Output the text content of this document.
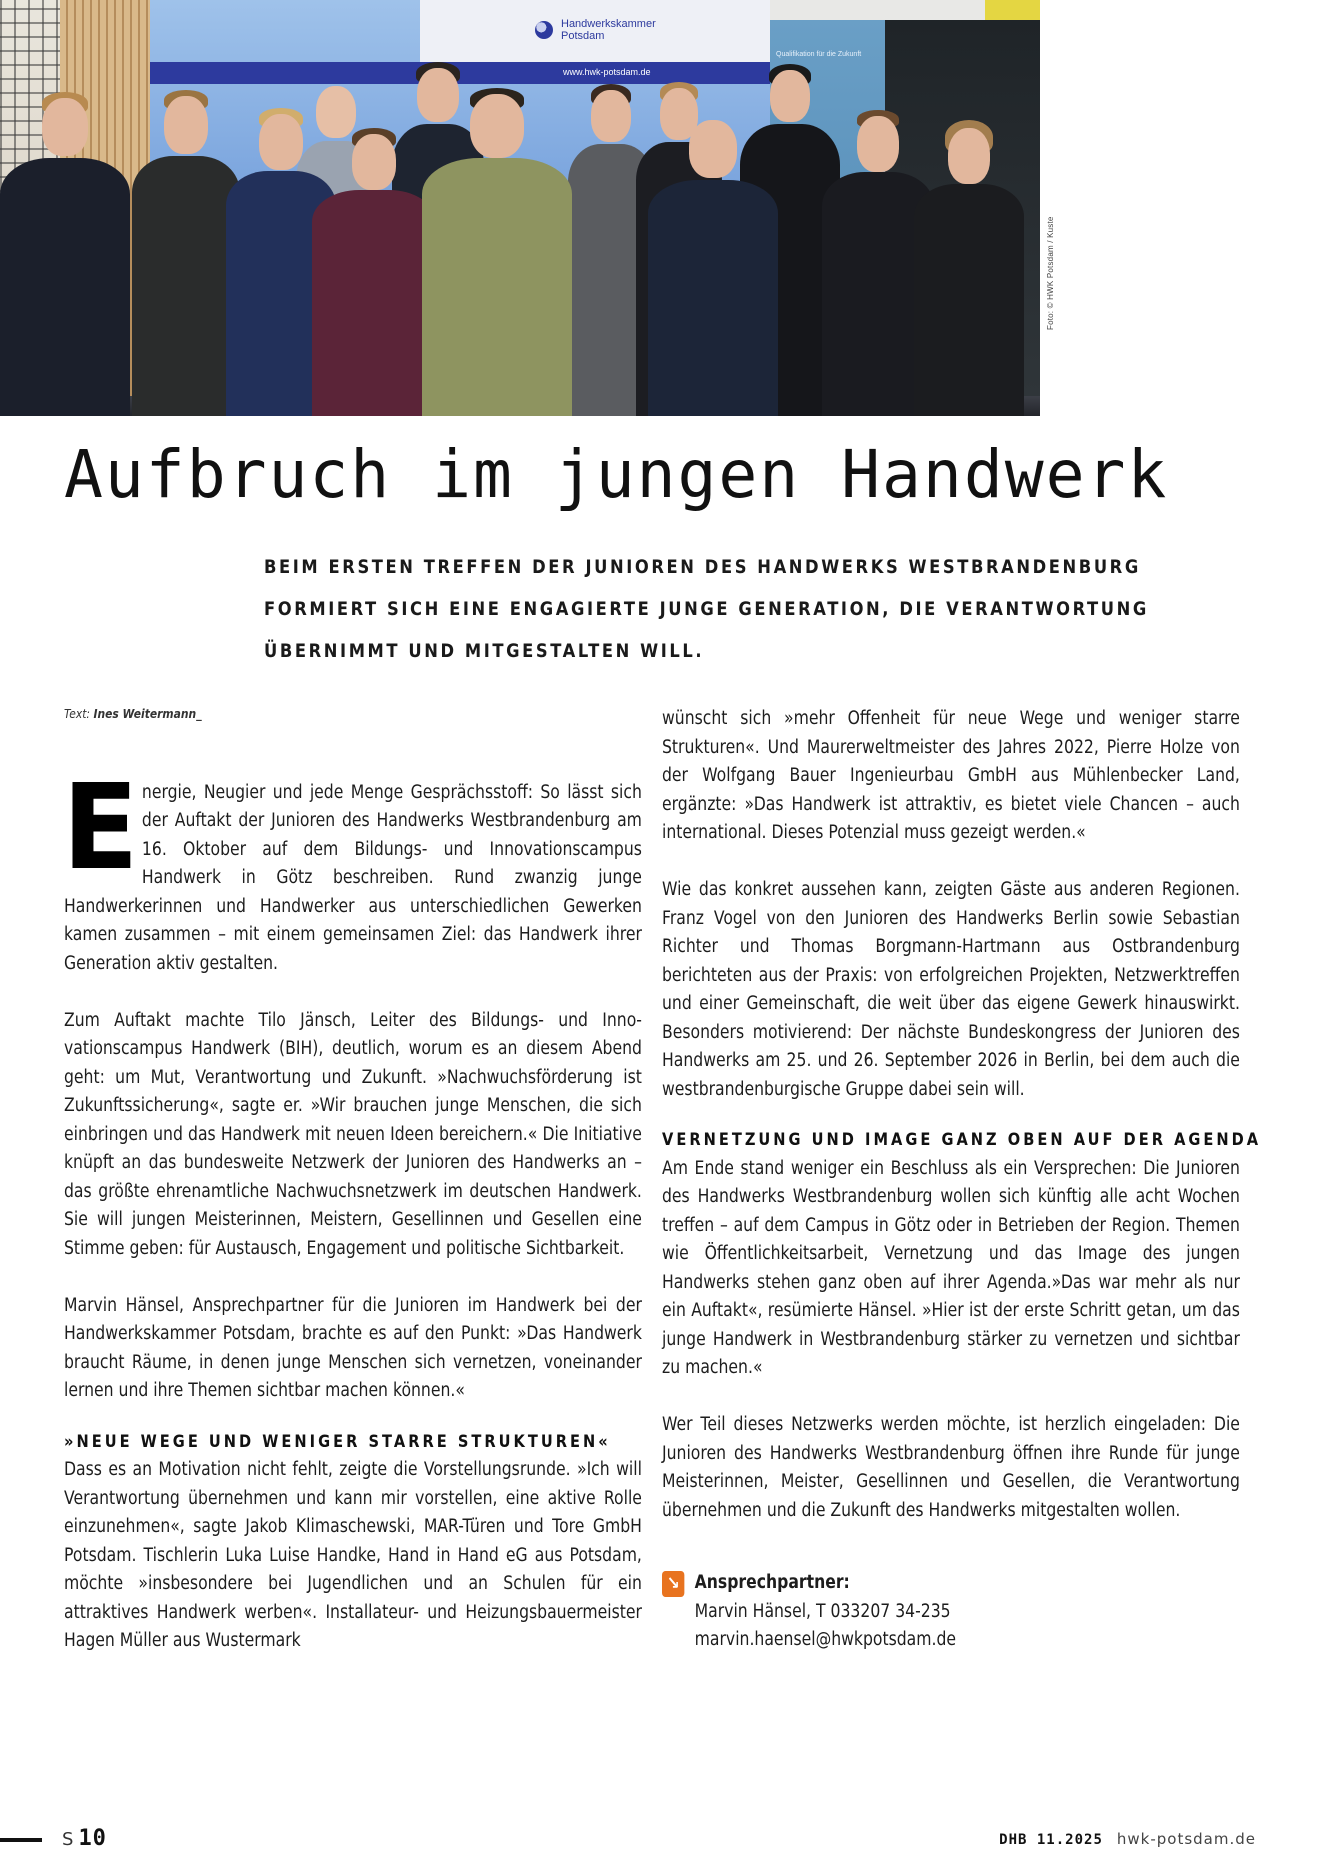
Handwerkskammer
Potsdam
www.hwk-potsdam.de
Qualifikation für die Zukunft
Foto: © HWK Potsdam / Kuste
Aufbruch im jungen Handwerk
BEIM ERSTEN TREFFEN DER JUNIOREN DES HANDWERKS WESTBRANDENBURG
FORMIERT SICH EINE ENGAGIERTE JUNGE GENERATION, DIE VERANTWORTUNG
ÜBERNIMMT UND MITGESTALTEN WILL.
Text: Ines Weitermann_

Energie, Neugier und jede Menge Gesprächsstoff: So lässt sich der Auftakt der Junioren des Handwerks Westbrandenburg am 16. Oktober auf dem Bildungs- und Innovationscampus Handwerk in Götz beschreiben. Rund zwanzig junge Handwerkerinnen und Handwerker aus unterschiedlichen Gewerken kamen zusammen – mit einem gemeinsamen Ziel: das Handwerk ihrer Generation aktiv gestalten.

Zum Auftakt machte Tilo Jänsch, Leiter des Bildungs- und Innovationscampus Handwerk (BIH), deutlich, worum es an diesem Abend geht: um Mut, Verantwortung und Zukunft. »Nachwuchsförderung ist Zukunftssicherung«, sagte er. »Wir brauchen junge Menschen, die sich einbringen und das Handwerk mit neuen Ideen bereichern.« Die Initiative knüpft an das bundesweite Netzwerk der Junioren des Handwerks an – das größte ehrenamtliche Nachwuchsnetzwerk im deutschen Handwerk. Sie will jungen Meisterinnen, Meistern, Gesellinnen und Gesellen eine Stimme geben: für Austausch, Engagement und politische Sichtbarkeit.

Marvin Hänsel, Ansprechpartner für die Junioren im Handwerk bei der Handwerkskammer Potsdam, brachte es auf den Punkt: »Das Handwerk braucht Räume, in denen junge Menschen sich vernetzen, voneinander lernen und ihre Themen sichtbar machen können.«

»NEUE WEGE UND WENIGER STARRE STRUKTUREN«

Dass es an Motivation nicht fehlt, zeigte die Vorstellungsrunde. »Ich will Verantwortung übernehmen und kann mir vorstellen, eine aktive Rolle einzunehmen«, sagte Jakob Klimaschewski, MAR-Türen und Tore GmbH Potsdam. Tischlerin Luka Luise Handke, Hand in Hand eG aus Potsdam, möchte »insbesondere bei Jugendlichen und an Schulen für ein attraktives Handwerk werben«. Installateur- und Heizungsbauermeister Hagen Müller aus Wustermark

wünscht sich »mehr Offenheit für neue Wege und weniger starre Strukturen«. Und Maurerweltmeister des Jahres 2022, Pierre Holze von der Wolfgang Bauer Ingenieurbau GmbH aus Mühlenbecker Land, ergänzte: »Das Handwerk ist attraktiv, es bietet viele Chancen – auch international. Dieses Potenzial muss gezeigt werden.«

Wie das konkret aussehen kann, zeigten Gäste aus anderen Regionen. Franz Vogel von den Junioren des Handwerks Berlin sowie Sebastian Richter und Thomas Borgmann-Hartmann aus Ostbrandenburg berichteten aus der Praxis: von erfolgreichen Projekten, Netzwerktreffen und einer Gemeinschaft, die weit über das eigene Gewerk hinauswirkt. Besonders motivierend: Der nächste Bundeskongress der Junioren des Handwerks am 25. und 26. September 2026 in Berlin, bei dem auch die westbrandenburgische Gruppe dabei sein will.

VERNETZUNG UND IMAGE GANZ OBEN AUF DER AGENDA

Am Ende stand weniger ein Beschluss als ein Versprechen: Die Junioren des Handwerks Westbrandenburg wollen sich künftig alle acht Wochen treffen – auf dem Campus in Götz oder in Betrieben der Region. Themen wie Öffentlichkeitsarbeit, Vernetzung und das Image des jungen Handwerks stehen ganz oben auf ihrer Agenda.»Das war mehr als nur ein Auftakt«, resümierte Hänsel. »Hier ist der erste Schritt getan, um das junge Handwerk in Westbrandenburg stärker zu vernetzen und sichtbar zu machen.«

Wer Teil dieses Netzwerks werden möchte, ist herzlich eingeladen: Die Junioren des Handwerks Westbrandenburg öffnen ihre Runde für junge Meisterinnen, Meister, Gesellinnen und Gesellen, die Verantwortung übernehmen und die Zukunft des Handwerks mitgestalten wollen.

↘ Ansprechpartner:
Marvin Hänsel, T 033207 34-235
marvin.haensel@hwkpotsdam.de
S 10	DHB 11.2025 hwk-potsdam.de
